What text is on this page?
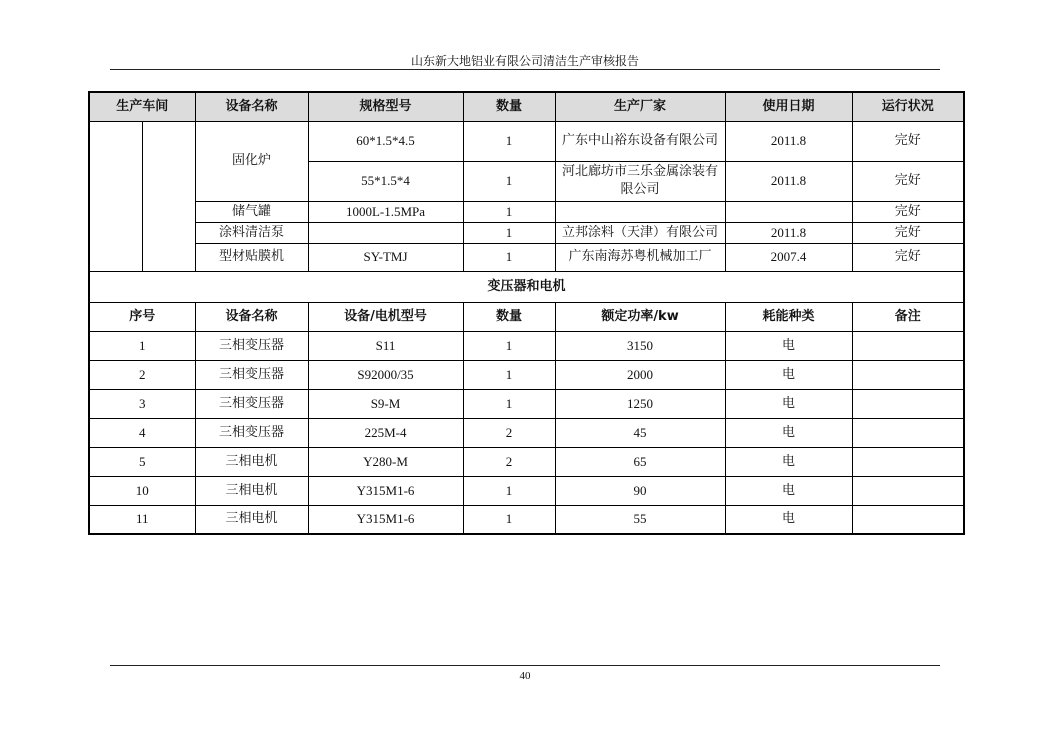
山东新大地铝业有限公司清洁生产审核报告
生产车间		设备名称	规格型号	数量	生产厂家	使用日期	运行状况
		固化炉	60*1.5*4.5	1	广东中山裕东设备有限公司	2011.8	完好
			55*1.5*4	1	河北廊坊市三乐金属涂装有限公司	2011.8	完好
		储气罐	1000L-1.5MPa	1			完好
		涂料清洁泵		1	立邦涂料（天津）有限公司	2011.8	完好
		型材贴膜机	SY-TMJ	1	广东南海苏粤机械加工厂	2007.4	完好
变压器和电机							
序号		设备名称	设备/电机型号	数量	额定功率/kw	耗能种类	备注
1		三相变压器	S11	1	3150	电	
2		三相变压器	S92000/35	1	2000	电	
3		三相变压器	S9-M	1	1250	电	
4		三相变压器	225M-4	2	45	电	
5		三相电机	Y280-M	2	65	电	
10		三相电机	Y315M1-6	1	90	电	
11		三相电机	Y315M1-6	1	55	电	
40
